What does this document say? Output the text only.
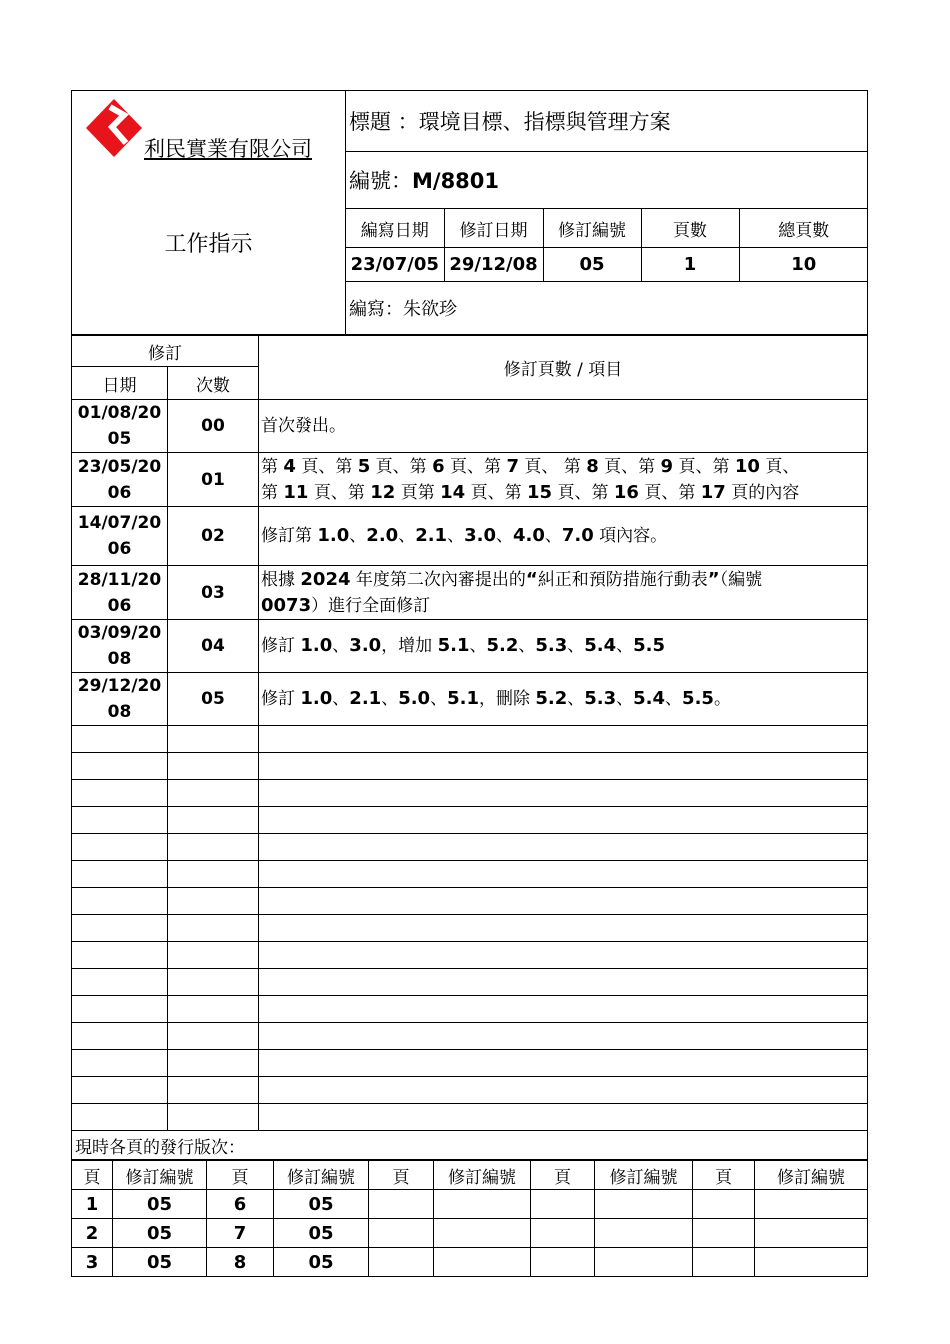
利民實業有限公司
	標題 ：環境目標、指標與管理方案
工作指示	編號：M/8801

編寫日期	修訂日期	修訂編號	頁數	總頁數
23/07/05	29/12/08	05	1	10

編寫：朱欲珍
修訂		修訂頁數 / 項目
日期	次數	
01/08/2005	00	首次發出。
23/05/2006	01	第 4 頁、第 5 頁、第 6 頁、第 7 頁、 第 8 頁、第 9 頁、第 10 頁、
第 11 頁、第 12 頁第 14 頁、第 15 頁、第 16 頁、第 17 頁的內容
14/07/2006	02	修訂第 1.0、2.0、2.1、3.0、4.0、7.0 項內容。
28/11/2006	03	根據 2024 年度第二次內審提出的“糾正和預防措施行動表”（編號
0073）進行全面修訂
03/09/2008	04	修訂 1.0、3.0，增加 5.1、5.2、5.3、5.4、5.5
29/12/2008	05	修訂 1.0、2.1、5.0、5.1，刪除 5.2、5.3、5.4、5.5。

現時各頁的發行版次：		
頁	修訂編號	頁	修訂編號	頁	修訂編號	頁	修訂編號	頁	修訂編號
1	05	6	05						
2	05	7	05						
3	05	8	05						
